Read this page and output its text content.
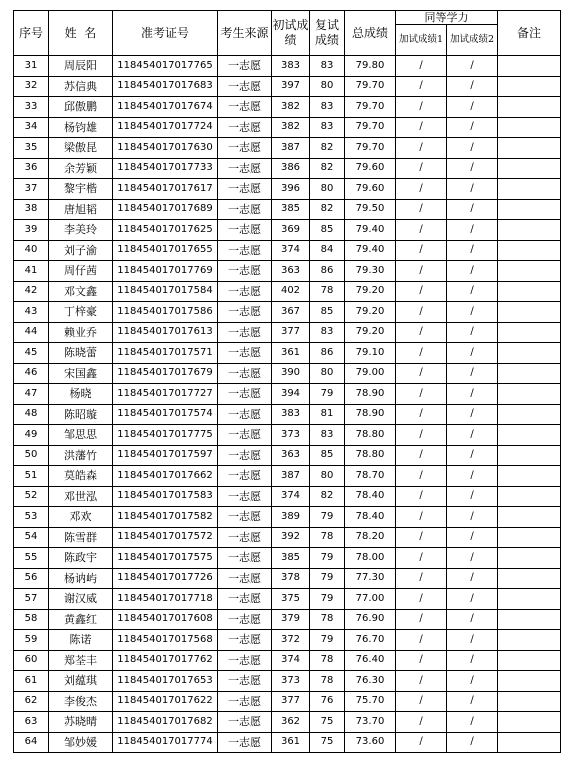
序号	姓  名	准考证号	考生来源	初试成绩	复试成绩	总成绩	同等学力		备注
							加试成绩1	加试成绩2	
31	周辰阳	118454017017765	一志愿	383	83	79.80	/	/	
32	苏信典	118454017017683	一志愿	397	80	79.70	/	/	
33	邱傲鹏	118454017017674	一志愿	382	83	79.70	/	/	
34	杨钧雄	118454017017724	一志愿	382	83	79.70	/	/	
35	梁傲昆	118454017017630	一志愿	387	82	79.70	/	/	
36	余芳颖	118454017017733	一志愿	386	82	79.60	/	/	
37	黎宇楷	118454017017617	一志愿	396	80	79.60	/	/	
38	唐旭韬	118454017017689	一志愿	385	82	79.50	/	/	
39	李美玲	118454017017625	一志愿	369	85	79.40	/	/	
40	刘子渝	118454017017655	一志愿	374	84	79.40	/	/	
41	周仔茜	118454017017769	一志愿	363	86	79.30	/	/	
42	邓文鑫	118454017017584	一志愿	402	78	79.20	/	/	
43	丁梓豪	118454017017586	一志愿	367	85	79.20	/	/	
44	赖业乔	118454017017613	一志愿	377	83	79.20	/	/	
45	陈晓蕾	118454017017571	一志愿	361	86	79.10	/	/	
46	宋国鑫	118454017017679	一志愿	390	80	79.00	/	/	
47	杨晓	118454017017727	一志愿	394	79	78.90	/	/	
48	陈昭璇	118454017017574	一志愿	383	81	78.90	/	/	
49	邹思思	118454017017775	一志愿	373	83	78.80	/	/	
50	洪藩竹	118454017017597	一志愿	363	85	78.80	/	/	
51	莫皓森	118454017017662	一志愿	387	80	78.70	/	/	
52	邓世泓	118454017017583	一志愿	374	82	78.40	/	/	
53	邓欢	118454017017582	一志愿	389	79	78.40	/	/	
54	陈雪群	118454017017572	一志愿	392	78	78.20	/	/	
55	陈政宇	118454017017575	一志愿	385	79	78.00	/	/	
56	杨讷屿	118454017017726	一志愿	378	79	77.30	/	/	
57	谢汉威	118454017017718	一志愿	375	79	77.00	/	/	
58	黄鑫红	118454017017608	一志愿	379	78	76.90	/	/	
59	陈诺	118454017017568	一志愿	372	79	76.70	/	/	
60	郑荃丰	118454017017762	一志愿	374	78	76.40	/	/	
61	刘蕴琪	118454017017653	一志愿	373	78	76.30	/	/	
62	李俊杰	118454017017622	一志愿	377	76	75.70	/	/	
63	苏晓晴	118454017017682	一志愿	362	75	73.70	/	/	
64	邹妙媛	118454017017774	一志愿	361	75	73.60	/	/	
